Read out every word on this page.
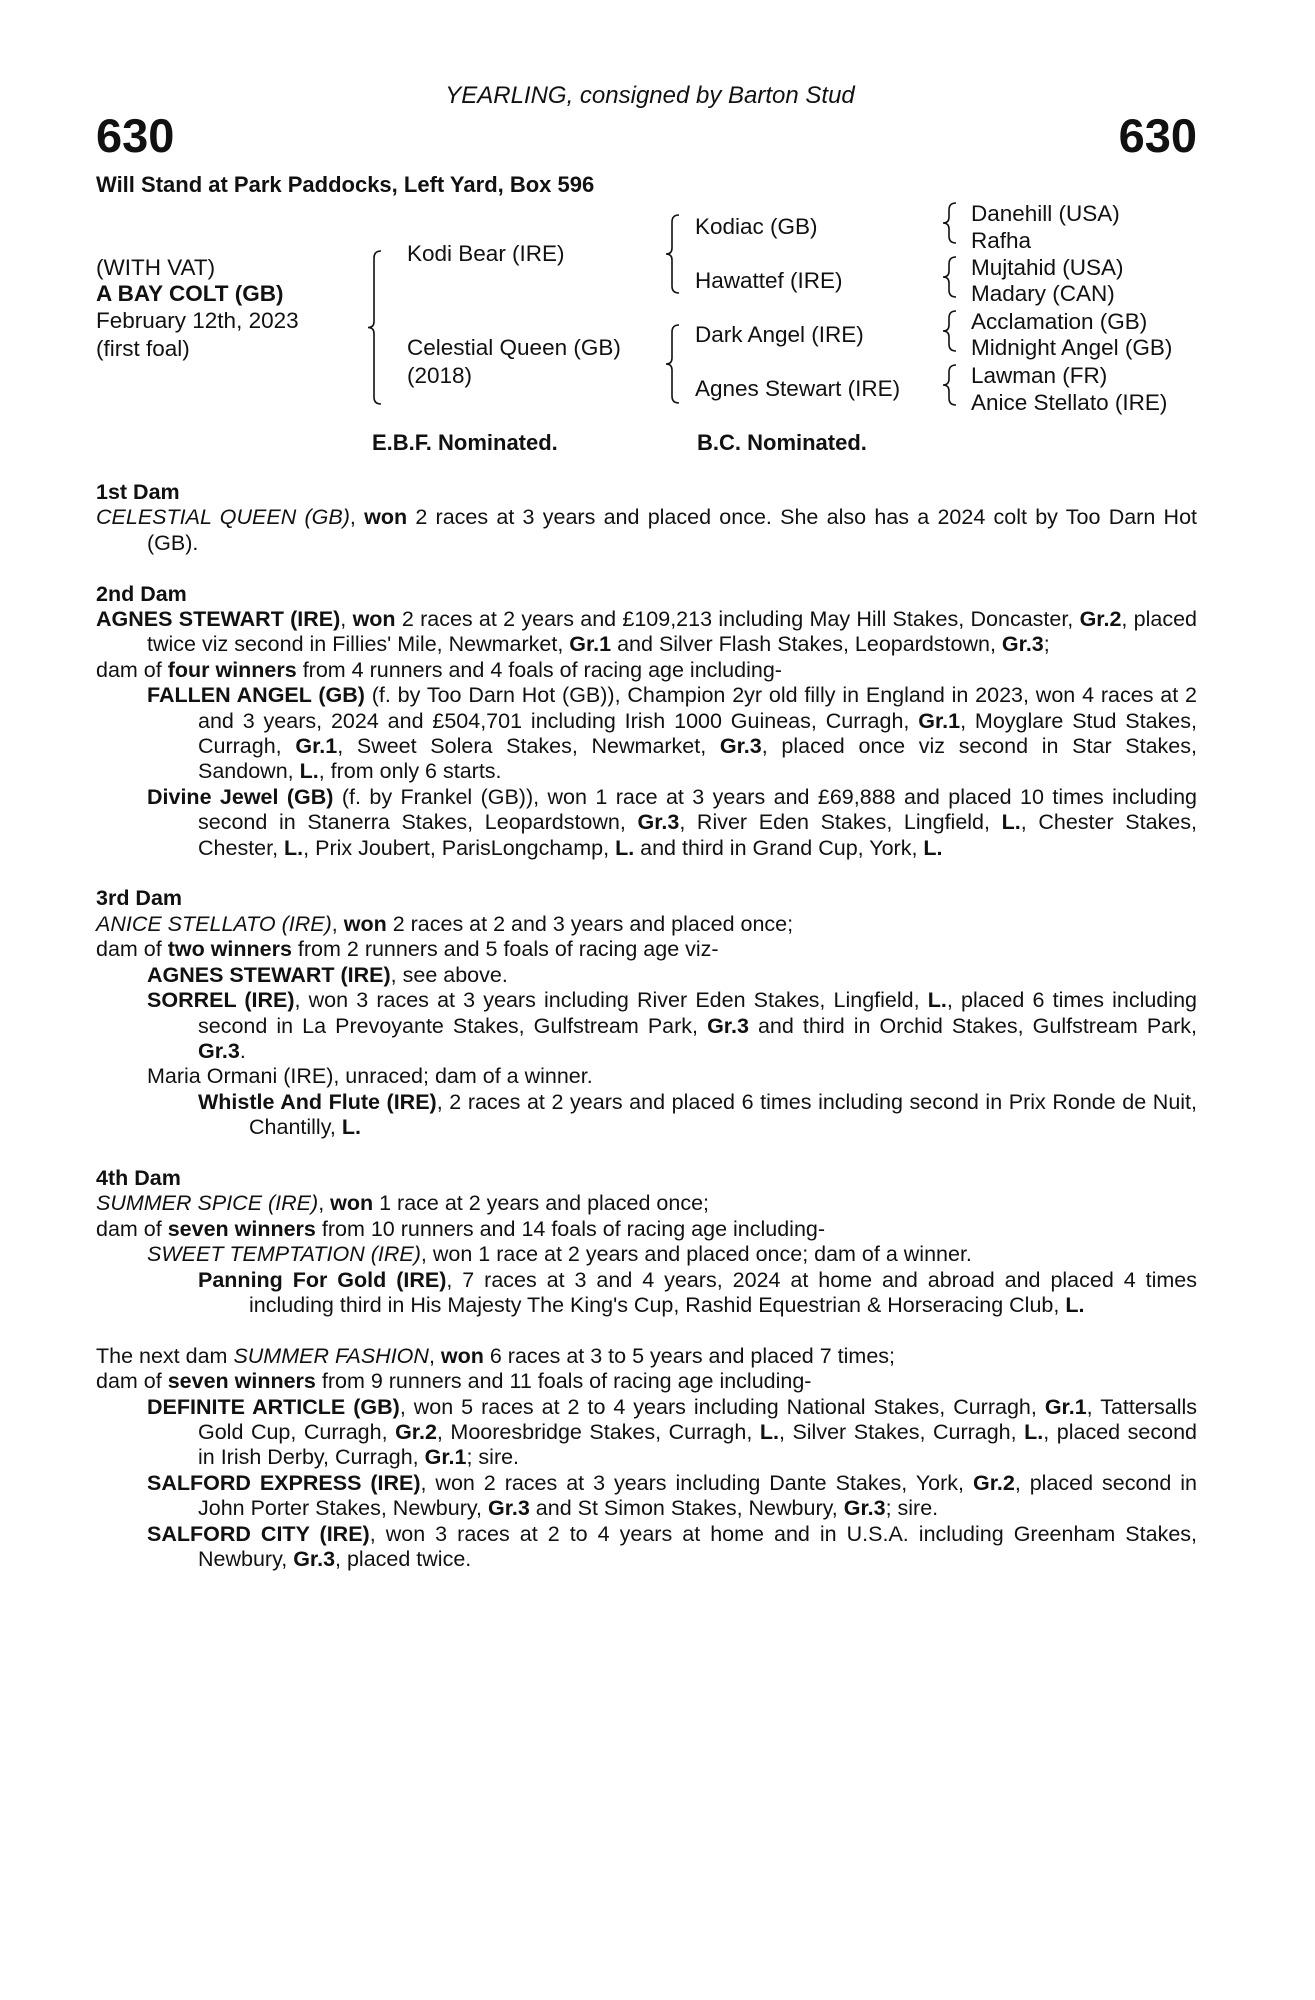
YEARLING, consigned by Barton Stud
630	630
Will Stand at Park Paddocks, Left Yard, Box 596
(WITH VAT)
A BAY COLT (GB)
February 12th, 2023
(first foal)
Kodi Bear (IRE)
Celestial Queen (GB)
(2018)
Kodiac (GB)
Hawattef (IRE)
Dark Angel (IRE)
Agnes Stewart (IRE)
Danehill (USA)
Rafha
Mujtahid (USA)
Madary (CAN)
Acclamation (GB)
Midnight Angel (GB)
Lawman (FR)
Anice Stellato (IRE)
E.B.F. Nominated.	B.C. Nominated.
1st Dam
CELESTIAL QUEEN (GB), won 2 races at 3 years and placed once. She also has a 2024 colt by Too Darn Hot (GB).
2nd Dam
AGNES STEWART (IRE), won 2 races at 2 years and £109,213 including May Hill Stakes, Doncaster, Gr.2, placed twice viz second in Fillies' Mile, Newmarket, Gr.1 and Silver Flash Stakes, Leopardstown, Gr.3;
dam of four winners from 4 runners and 4 foals of racing age including-
FALLEN ANGEL (GB) (f. by Too Darn Hot (GB)), Champion 2yr old filly in England in 2023, won 4 races at 2 and 3 years, 2024 and £504,701 including Irish 1000 Guineas, Curragh, Gr.1, Moyglare Stud Stakes, Curragh, Gr.1, Sweet Solera Stakes, Newmarket, Gr.3, placed once viz second in Star Stakes, Sandown, L., from only 6 starts.
Divine Jewel (GB) (f. by Frankel (GB)), won 1 race at 3 years and £69,888 and placed 10 times including second in Stanerra Stakes, Leopardstown, Gr.3, River Eden Stakes, Lingfield, L., Chester Stakes, Chester, L., Prix Joubert, ParisLongchamp, L. and third in Grand Cup, York, L.
3rd Dam
ANICE STELLATO (IRE), won 2 races at 2 and 3 years and placed once;
dam of two winners from 2 runners and 5 foals of racing age viz-
AGNES STEWART (IRE), see above.
SORREL (IRE), won 3 races at 3 years including River Eden Stakes, Lingfield, L., placed 6 times including second in La Prevoyante Stakes, Gulfstream Park, Gr.3 and third in Orchid Stakes, Gulfstream Park, Gr.3.
Maria Ormani (IRE), unraced; dam of a winner.
Whistle And Flute (IRE), 2 races at 2 years and placed 6 times including second in Prix Ronde de Nuit, Chantilly, L.
4th Dam
SUMMER SPICE (IRE), won 1 race at 2 years and placed once;
dam of seven winners from 10 runners and 14 foals of racing age including-
SWEET TEMPTATION (IRE), won 1 race at 2 years and placed once; dam of a winner.
Panning For Gold (IRE), 7 races at 3 and 4 years, 2024 at home and abroad and placed 4 times including third in His Majesty The King's Cup, Rashid Equestrian & Horseracing Club, L.
The next dam SUMMER FASHION, won 6 races at 3 to 5 years and placed 7 times;
dam of seven winners from 9 runners and 11 foals of racing age including-
DEFINITE ARTICLE (GB), won 5 races at 2 to 4 years including National Stakes, Curragh, Gr.1, Tattersalls Gold Cup, Curragh, Gr.2, Mooresbridge Stakes, Curragh, L., Silver Stakes, Curragh, L., placed second in Irish Derby, Curragh, Gr.1; sire.
SALFORD EXPRESS (IRE), won 2 races at 3 years including Dante Stakes, York, Gr.2, placed second in John Porter Stakes, Newbury, Gr.3 and St Simon Stakes, Newbury, Gr.3; sire.
SALFORD CITY (IRE), won 3 races at 2 to 4 years at home and in U.S.A. including Greenham Stakes, Newbury, Gr.3, placed twice.
